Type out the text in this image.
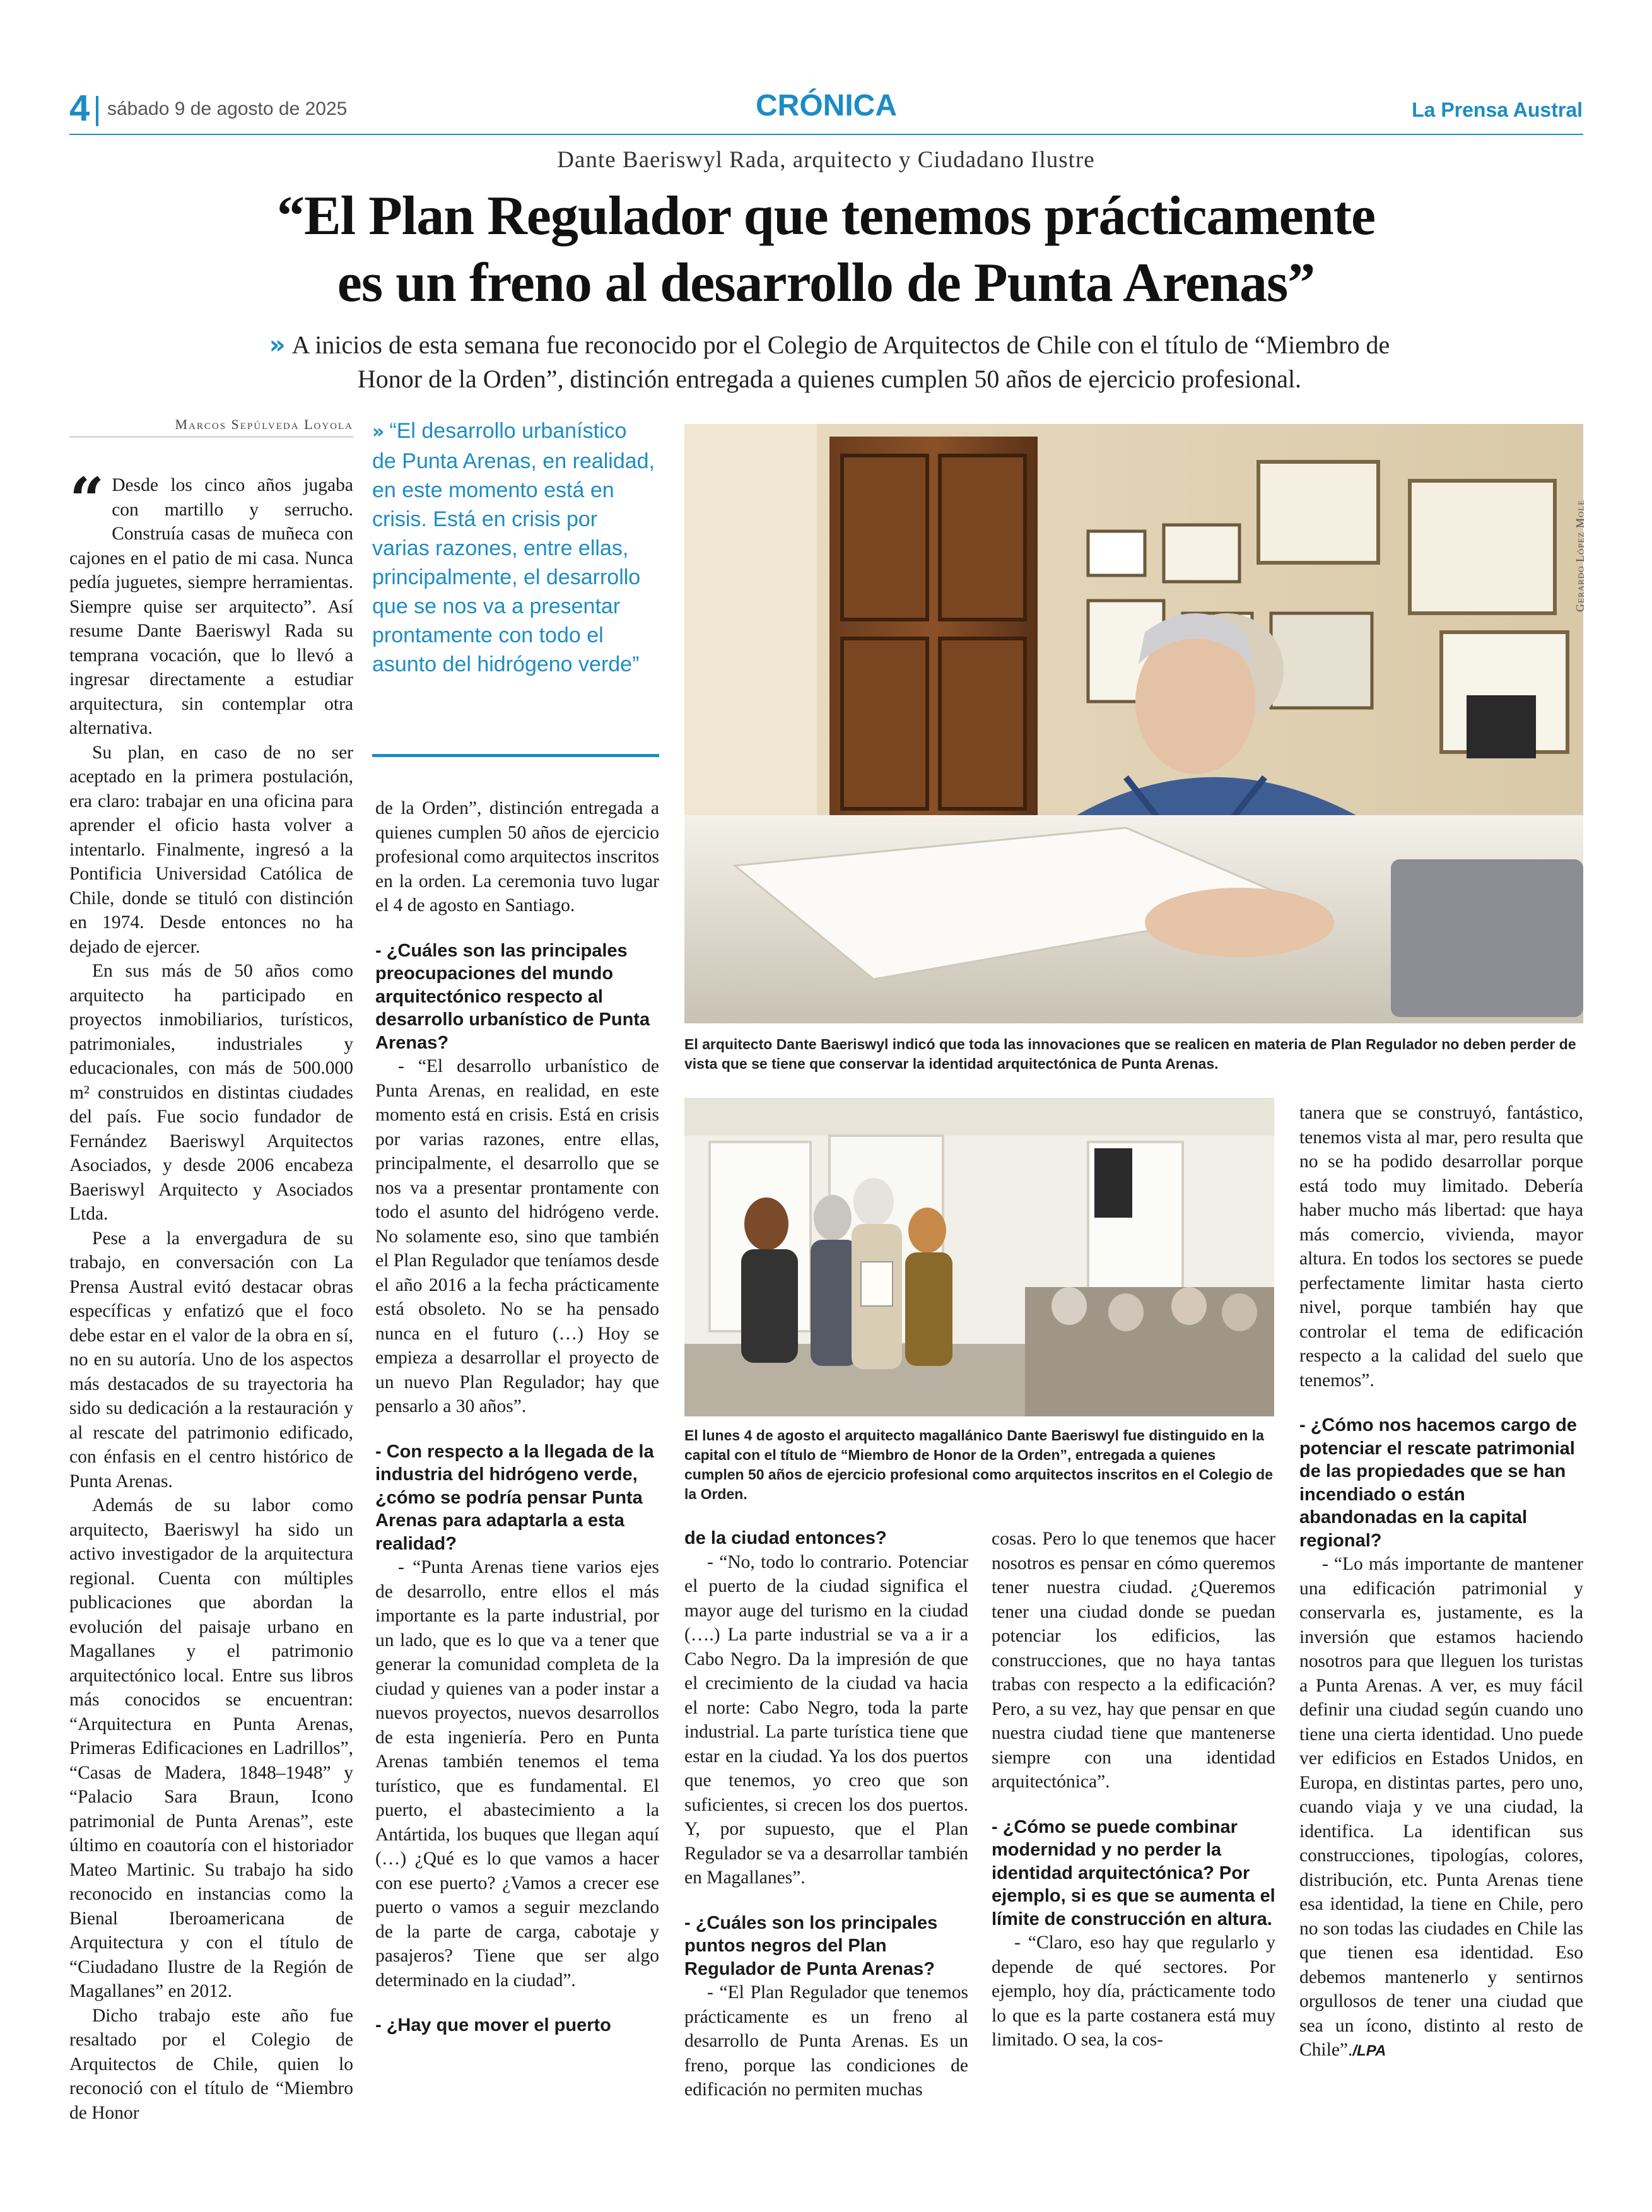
4 sábado 9 de agosto de 2025	CRÓNICA	La Prensa Austral
Dante Baeriswyl Rada, arquitecto y Ciudadano Ilustre
“El Plan Regulador que tenemos prácticamente
es un freno al desarrollo de Punta Arenas”
» A inicios de esta semana fue reconocido por el Colegio de Arquitectos de Chile con el título de “Miembro de Honor de la Orden”, distinción entregada a quienes cumplen 50 años de ejercicio profesional.
Marcos Sepúlveda Loyola » “El desarrollo urbanístico de Punta Arenas, en realidad, en este momento está en crisis. Está en crisis por varias razones, entre ellas, principalmente, el desarrollo que se nos va a presentar prontamente con todo el asunto del hidrógeno verde”

“ Desde los cinco años jugaba con martillo y serrucho. Construía casas de muñeca con cajones en el patio de mi casa. Nunca pedía juguetes, siempre herramientas. Siempre quise ser arquitecto”. Así resume Dante Baeriswyl Rada su temprana vocación, que lo llevó a ingresar directamente a estudiar arquitectura, sin contemplar otra alternativa.

Su plan, en caso de no ser aceptado en la primera postulación, era claro: trabajar en una oficina para aprender el oficio hasta volver a intentarlo. Finalmente, ingresó a la Pontificia Universidad Católica de Chile, donde se tituló con distinción en 1974. Desde entonces no ha dejado de ejercer.

En sus más de 50 años como arquitecto ha participado en proyectos inmobiliarios, turísticos, patrimoniales, industriales y educacionales, con más de 500.000 m² construidos en distintas ciudades del país. Fue socio fundador de Fernández Baeriswyl Arquitectos Asociados, y desde 2006 encabeza Baeriswyl Arquitecto y Asociados Ltda.

Pese a la envergadura de su trabajo, en conversación con La Prensa Austral evitó destacar obras específicas y enfatizó que el foco debe estar en el valor de la obra en sí, no en su autoría. Uno de los aspectos más destacados de su trayectoria ha sido su dedicación a la restauración y al rescate del patrimonio edificado, con énfasis en el centro histórico de Punta Arenas.

Además de su labor como arquitecto, Baeriswyl ha sido un activo investigador de la arquitectura regional. Cuenta con múltiples publicaciones que abordan la evolución del paisaje urbano en Magallanes y el patrimonio arquitectónico local. Entre sus libros más conocidos se encuentran: “Arquitectura en Punta Arenas, Primeras Edificaciones en Ladrillos”, “Casas de Madera, 1848–1948” y “Palacio Sara Braun, Icono patrimonial de Punta Arenas”, este último en coautoría con el historiador Mateo Martinic. Su trabajo ha sido reconocido en instancias como la Bienal Iberoamericana de Arquitectura y con el título de “Ciudadano Ilustre de la Región de Magallanes” en 2012.

Dicho trabajo este año fue resaltado por el Colegio de Arquitectos de Chile, quien lo reconoció con el título de “Miembro de Honor

de la Orden”, distinción entregada a quienes cumplen 50 años de ejercicio profesional como arquitectos inscritos en la orden. La ceremonia tuvo lugar el 4 de agosto en Santiago.

- ¿Cuáles son las principales preocupaciones del mundo arquitectónico respecto al desarrollo urbanístico de Punta Arenas?

- “El desarrollo urbanístico de Punta Arenas, en realidad, en este momento está en crisis. Está en crisis por varias razones, entre ellas, principalmente, el desarrollo que se nos va a presentar prontamente con todo el asunto del hidrógeno verde. No solamente eso, sino que también el Plan Regulador que teníamos desde el año 2016 a la fecha prácticamente está obsoleto. No se ha pensado nunca en el futuro (…) Hoy se empieza a desarrollar el proyecto de un nuevo Plan Regulador; hay que pensarlo a 30 años”.

- Con respecto a la llegada de la industria del hidrógeno verde, ¿cómo se podría pensar Punta Arenas para adaptarla a esta realidad?

- “Punta Arenas tiene varios ejes de desarrollo, entre ellos el más importante es la parte industrial, por un lado, que es lo que va a tener que generar la comunidad completa de la ciudad y quienes van a poder instar a nuevos proyectos, nuevos desarrollos de esta ingeniería. Pero en Punta Arenas también tenemos el tema turístico, que es fundamental. El puerto, el abastecimiento a la Antártida, los buques que llegan aquí (…) ¿Qué es lo que vamos a hacer con ese puerto? ¿Vamos a crecer ese puerto o vamos a seguir mezclando de la parte de carga, cabotaje y pasajeros? Tiene que ser algo determinado en la ciudad”.

- ¿Hay que mover el puerto

Gerardo López Mole
El arquitecto Dante Baeriswyl indicó que toda las innovaciones que se realicen en materia de Plan Regulador no deben perder de vista que se tiene que conservar la identidad arquitectónica de Punta Arenas.
El lunes 4 de agosto el arquitecto magallánico Dante Baeriswyl fue distinguido en la capital con el título de “Miembro de Honor de la Orden”, entregada a quienes cumplen 50 años de ejercicio profesional como arquitectos inscritos en el Colegio de la Orden.

de la ciudad entonces?

- “No, todo lo contrario. Potenciar el puerto de la ciudad significa el mayor auge del turismo en la ciudad (….) La parte industrial se va a ir a Cabo Negro. Da la impresión de que el crecimiento de la ciudad va hacia el norte: Cabo Negro, toda la parte industrial. La parte turística tiene que estar en la ciudad. Ya los dos puertos que tenemos, yo creo que son suficientes, si crecen los dos puertos. Y, por supuesto, que el Plan Regulador se va a desarrollar también en Magallanes”.

- ¿Cuáles son los principales puntos negros del Plan Regulador de Punta Arenas?

- “El Plan Regulador que tenemos prácticamente es un freno al desarrollo de Punta Arenas. Es un freno, porque las condiciones de edificación no permiten muchas

cosas. Pero lo que tenemos que hacer nosotros es pensar en cómo queremos tener nuestra ciudad. ¿Queremos tener una ciudad donde se puedan potenciar los edificios, las construcciones, que no haya tantas trabas con respecto a la edificación? Pero, a su vez, hay que pensar en que nuestra ciudad tiene que mantenerse siempre con una identidad arquitectónica”.

- ¿Cómo se puede combinar modernidad y no perder la identidad arquitectónica? Por ejemplo, si es que se aumenta el límite de construcción en altura.

- “Claro, eso hay que regularlo y depende de qué sectores. Por ejemplo, hoy día, prácticamente todo lo que es la parte costanera está muy limitado. O sea, la cos-

tanera que se construyó, fantástico, tenemos vista al mar, pero resulta que no se ha podido desarrollar porque está todo muy limitado. Debería haber mucho más libertad: que haya más comercio, vivienda, mayor altura. En todos los sectores se puede perfectamente limitar hasta cierto nivel, porque también hay que controlar el tema de edificación respecto a la calidad del suelo que tenemos”.

- ¿Cómo nos hacemos cargo de potenciar el rescate patrimonial de las propiedades que se han incendiado o están abandonadas en la capital regional?

- “Lo más importante de mantener una edificación patrimonial y conservarla es, justamente, es la inversión que estamos haciendo nosotros para que lleguen los turistas a Punta Arenas. A ver, es muy fácil definir una ciudad según cuando uno tiene una cierta identidad. Uno puede ver edificios en Estados Unidos, en Europa, en distintas partes, pero uno, cuando viaja y ve una ciudad, la identifica. La identifican sus construcciones, tipologías, colores, distribución, etc. Punta Arenas tiene esa identidad, la tiene en Chile, pero no son todas las ciudades en Chile las que tienen esa identidad. Eso debemos mantenerlo y sentirnos orgullosos de tener una ciudad que sea un ícono, distinto al resto de Chile”./LPA
